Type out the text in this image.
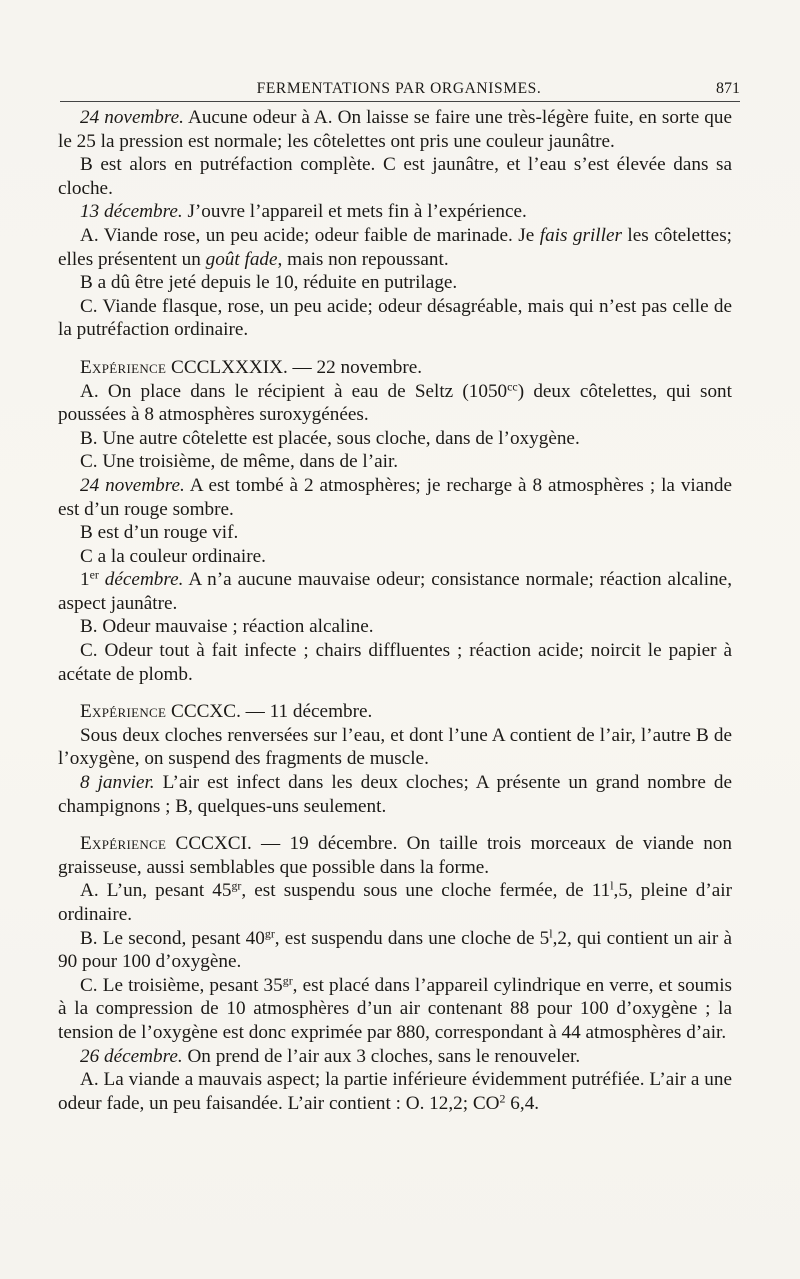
FERMENTATIONS PAR ORGANISMES.	871

24 novembre. Aucune odeur à A. On laisse se faire une très-légère fuite, en sorte que le 25 la pression est normale; les côtelettes ont pris une couleur jaunâtre.

B est alors en putréfaction complète. C est jaunâtre, et l’eau s’est élevée dans sa cloche.

13 décembre. J’ouvre l’appareil et mets fin à l’expérience.

A. Viande rose, un peu acide; odeur faible de marinade. Je fais griller les côtelettes; elles présentent un goût fade, mais non repoussant.

B a dû être jeté depuis le 10, réduite en putrilage.

C. Viande flasque, rose, un peu acide; odeur désagréable, mais qui n’est pas celle de la putréfaction ordinaire.

Expérience CCCLXXXIX. — 22 novembre.

A. On place dans le récipient à eau de Seltz $(1050^{cc})$ deux côtelettes, qui sont poussées à 8 atmosphères suroxygénées.

B. Une autre côtelette est placée, sous cloche, dans de l’oxygène.

C. Une troisième, de même, dans de l’air.

24 novembre. A est tombé à 2 atmosphères; je recharge à 8 atmosphères ; la viande est d’un rouge sombre.

B est d’un rouge vif.

C a la couleur ordinaire.

1er décembre. A n’a aucune mauvaise odeur; consistance normale; réaction alcaline, aspect jaunâtre.

B. Odeur mauvaise ; réaction alcaline.

C. Odeur tout à fait infecte ; chairs diffluentes ; réaction acide; noircit le papier à acétate de plomb.

Expérience CCCXC. — 11 décembre.

Sous deux cloches renversées sur l’eau, et dont l’une A contient de l’air, l’autre B de l’oxygène, on suspend des fragments de muscle.

8 janvier. L’air est infect dans les deux cloches; A présente un grand nombre de champignons ; B, quelques-uns seulement.

Expérience CCCXCI. — 19 décembre. On taille trois morceaux de viande non graisseuse, aussi semblables que possible dans la forme.

A. L’un, pesant $45^{gr}$, est suspendu sous une cloche fermée, de 11$^l$,5, pleine d’air ordinaire.

B. Le second, pesant $40^{gr}$, est suspendu dans une cloche de 5$^l$,2, qui contient un air à 90 pour 100 d’oxygène.

C. Le troisième, pesant $35^{gr}$, est placé dans l’appareil cylindrique en verre, et soumis à la compression de 10 atmosphères d’un air contenant 88 pour 100 d’oxygène ; la tension de l’oxygène est donc exprimée par 880, correspondant à 44 atmosphères d’air.

26 décembre. On prend de l’air aux 3 cloches, sans le renouveler.

A. La viande a mauvais aspect; la partie inférieure évidemment putréfiée. L’air a une odeur fade, un peu faisandée. L’air contient : O. 12,2; $CO^2$ 6,4.
